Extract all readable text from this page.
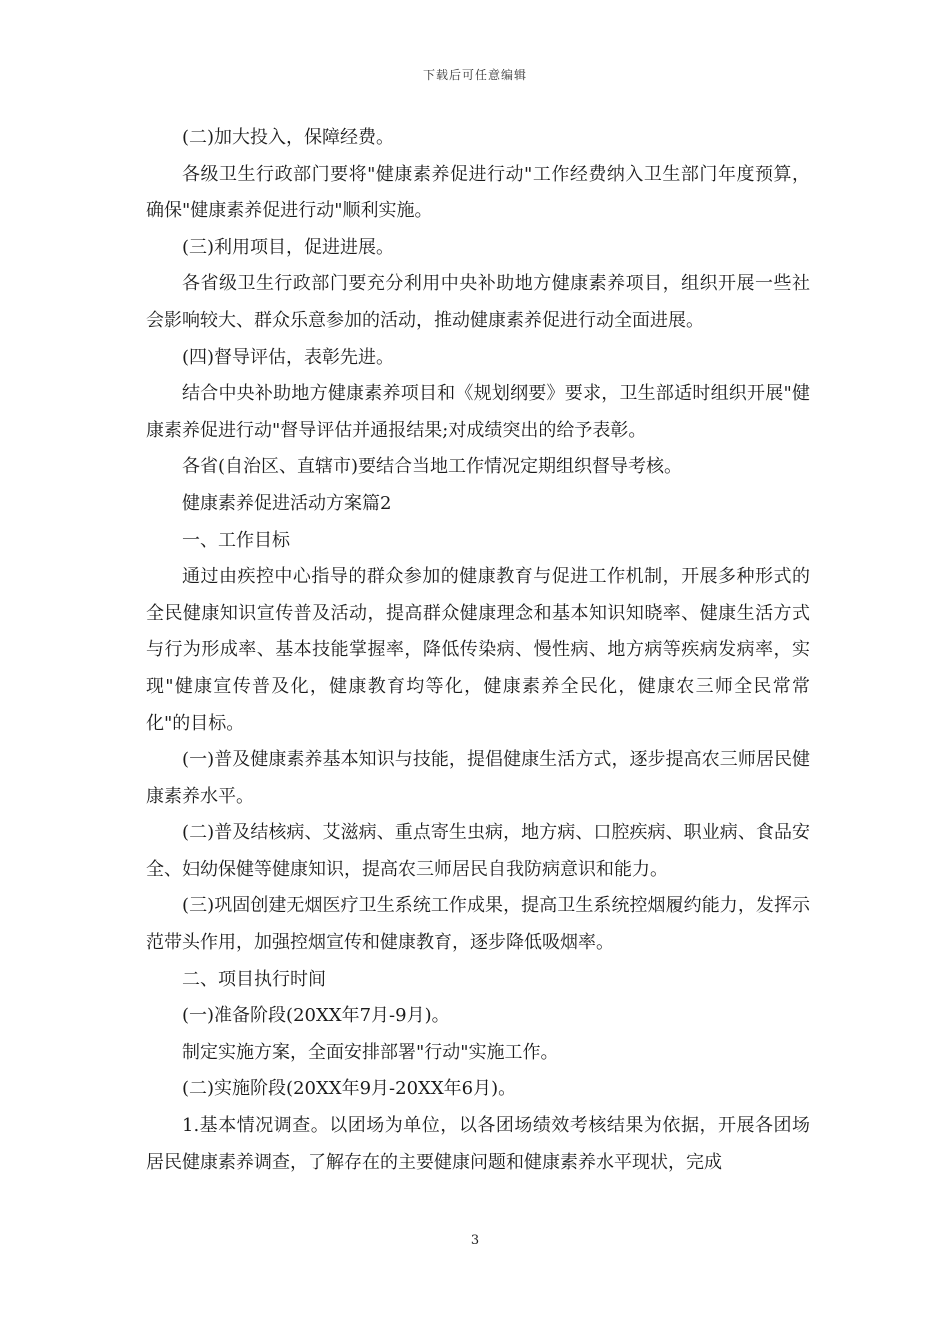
下载后可任意编辑

(二)加大投入，保障经费。

各级卫生行政部门要将"健康素养促进行动"工作经费纳入卫生部门年度预算，确保"健康素养促进行动"顺利实施。

(三)利用项目，促进进展。

各省级卫生行政部门要充分利用中央补助地方健康素养项目，组织开展一些社会影响较大、群众乐意参加的活动，推动健康素养促进行动全面进展。

(四)督导评估，表彰先进。

结合中央补助地方健康素养项目和《规划纲要》要求，卫生部适时组织开展"健康素养促进行动"督导评估并通报结果;对成绩突出的给予表彰。

各省(自治区、直辖市)要结合当地工作情况定期组织督导考核。

健康素养促进活动方案篇2

一、工作目标

通过由疾控中心指导的群众参加的健康教育与促进工作机制，开展多种形式的全民健康知识宣传普及活动，提高群众健康理念和基本知识知晓率、健康生活方式与行为形成率、基本技能掌握率，降低传染病、慢性病、地方病等疾病发病率，实现"健康宣传普及化，健康教育均等化，健康素养全民化，健康农三师全民常常化"的目标。

(一)普及健康素养基本知识与技能，提倡健康生活方式，逐步提高农三师居民健康素养水平。

(二)普及结核病、艾滋病、重点寄生虫病，地方病、口腔疾病、职业病、食品安全、妇幼保健等健康知识，提高农三师居民自我防病意识和能力。

(三)巩固创建无烟医疗卫生系统工作成果，提高卫生系统控烟履约能力，发挥示范带头作用，加强控烟宣传和健康教育，逐步降低吸烟率。

二、项目执行时间

(一)准备阶段(20XX年7月-9月)。

制定实施方案，全面安排部署"行动"实施工作。

(二)实施阶段(20XX年9月-20XX年6月)。

1.基本情况调查。以团场为单位，以各团场绩效考核结果为依据，开展各团场居民健康素养调查，了解存在的主要健康问题和健康素养水平现状，完成

3
